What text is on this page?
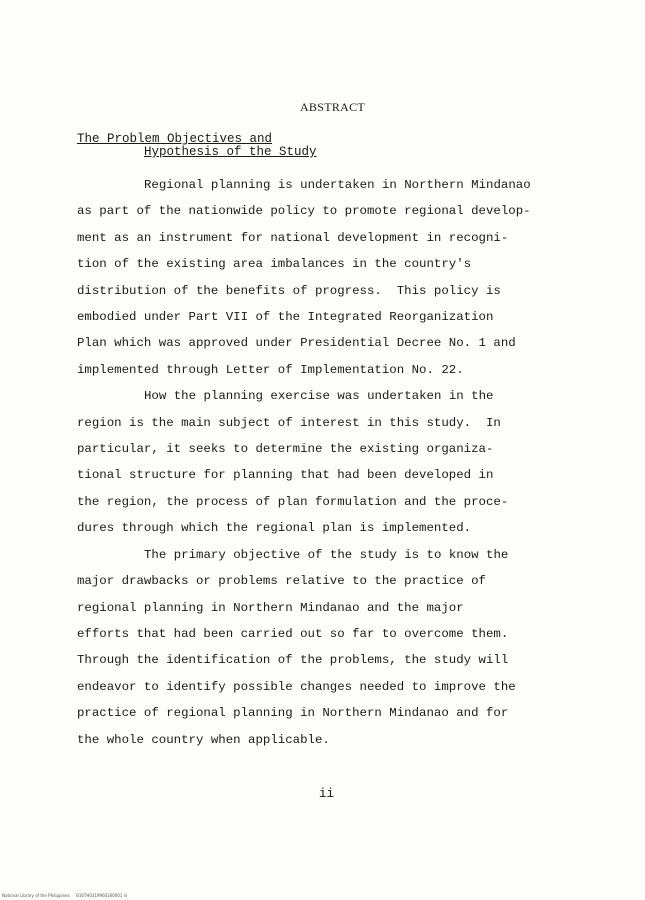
ABSTRACT
The Problem Objectives and
Hypothesis of the Study
Regional planning is undertaken in Northern Mindanao
as part of the nationwide policy to promote regional develop-
ment as an instrument for national development in recogni-
tion of the existing area imbalances in the country's
distribution of the benefits of progress.  This policy is
embodied under Part VII of the Integrated Reorganization
Plan which was approved under Presidential Decree No. 1 and
implemented through Letter of Implementation No. 22.
How the planning exercise was undertaken in the
region is the main subject of interest in this study.  In
particular, it seeks to determine the existing organiza-
tional structure for planning that had been developed in
the region, the process of plan formulation and the proce-
dures through which the regional plan is implemented.
The primary objective of the study is to know the
major drawbacks or problems relative to the practice of
regional planning in Northern Mindanao and the major
efforts that had been carried out so far to overcome them.
Through the identification of the problems, the study will
endeavor to identify possible changes needed to improve the
practice of regional planning in Northern Mindanao and for
the whole country when applicable.
ii
National Library of the Philippines     B16TH0319960160001 iii
